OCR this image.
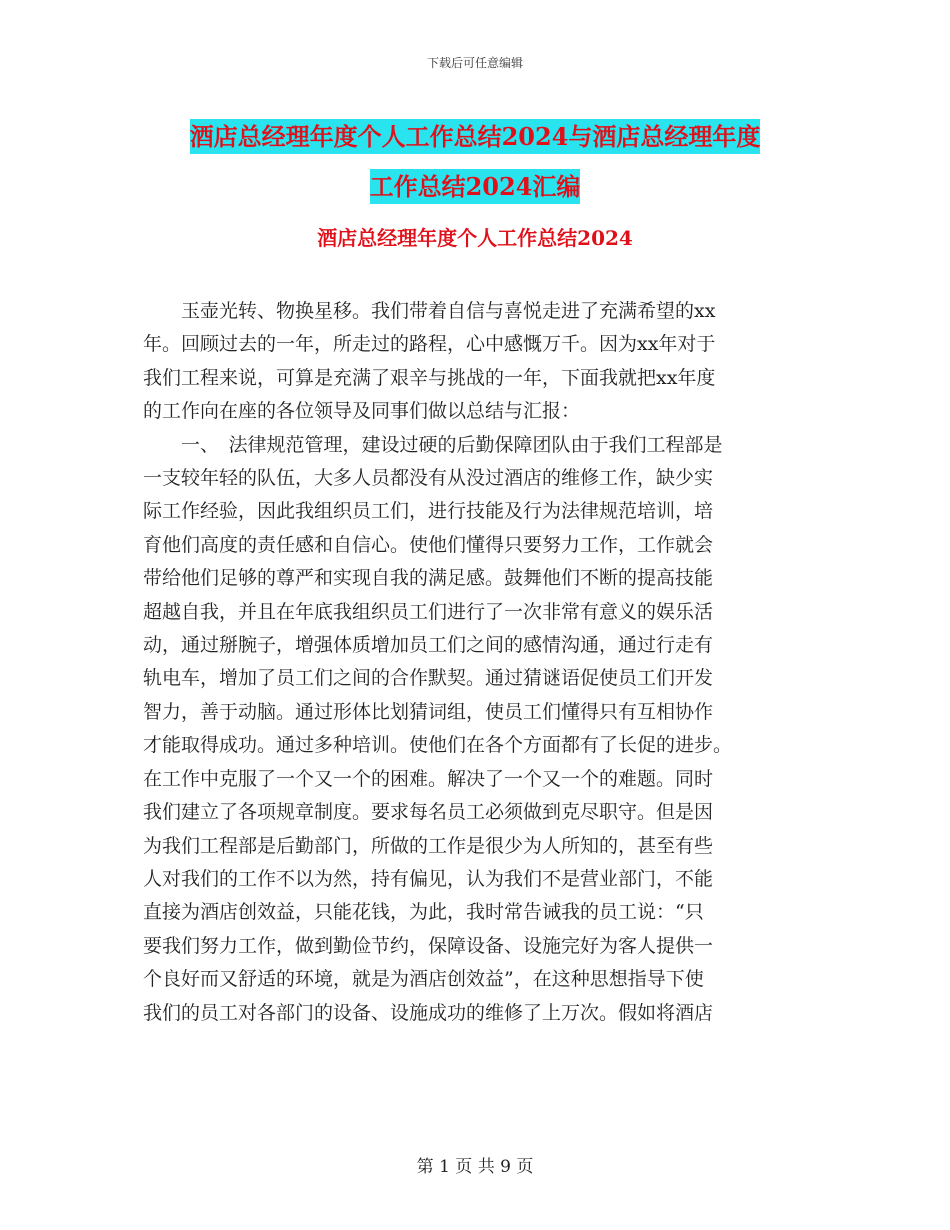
下载后可任意编辑
酒店总经理年度个人工作总结2024与酒店总经理年度
工作总结2024汇编
酒店总经理年度个人工作总结2024
　　玉壶光转、物换星移。我们带着自信与喜悦走进了充满希望的xx
年。回顾过去的一年，所走过的路程，心中感慨万千。因为xx年对于
我们工程来说，可算是充满了艰辛与挑战的一年，下面我就把xx年度
的工作向在座的各位领导及同事们做以总结与汇报：
　　一、　法律规范管理，建设过硬的后勤保障团队由于我们工程部是
一支较年轻的队伍，大多人员都没有从没过酒店的维修工作，缺少实
际工作经验，因此我组织员工们，进行技能及行为法律规范培训，培
育他们高度的责任感和自信心。使他们懂得只要努力工作，工作就会
带给他们足够的尊严和实现自我的满足感。鼓舞他们不断的提高技能
超越自我，并且在年底我组织员工们进行了一次非常有意义的娱乐活
动，通过掰腕子，增强体质增加员工们之间的感情沟通，通过行走有
轨电车，增加了员工们之间的合作默契。通过猜谜语促使员工们开发
智力，善于动脑。通过形体比划猜词组，使员工们懂得只有互相协作
才能取得成功。通过多种培训。使他们在各个方面都有了长促的进步。
在工作中克服了一个又一个的困难。解决了一个又一个的难题。同时
我们建立了各项规章制度。要求每名员工必须做到克尽职守。但是因
为我们工程部是后勤部门，所做的工作是很少为人所知的，甚至有些
人对我们的工作不以为然，持有偏见，认为我们不是营业部门，不能
直接为酒店创效益，只能花钱，为此，我时常告诫我的员工说：“只
要我们努力工作，做到勤俭节约，保障设备、设施完好为客人提供一
个良好而又舒适的环境，就是为酒店创效益”，在这种思想指导下使
我们的员工对各部门的设备、设施成功的维修了上万次。假如将酒店
第 1 页 共 9 页
